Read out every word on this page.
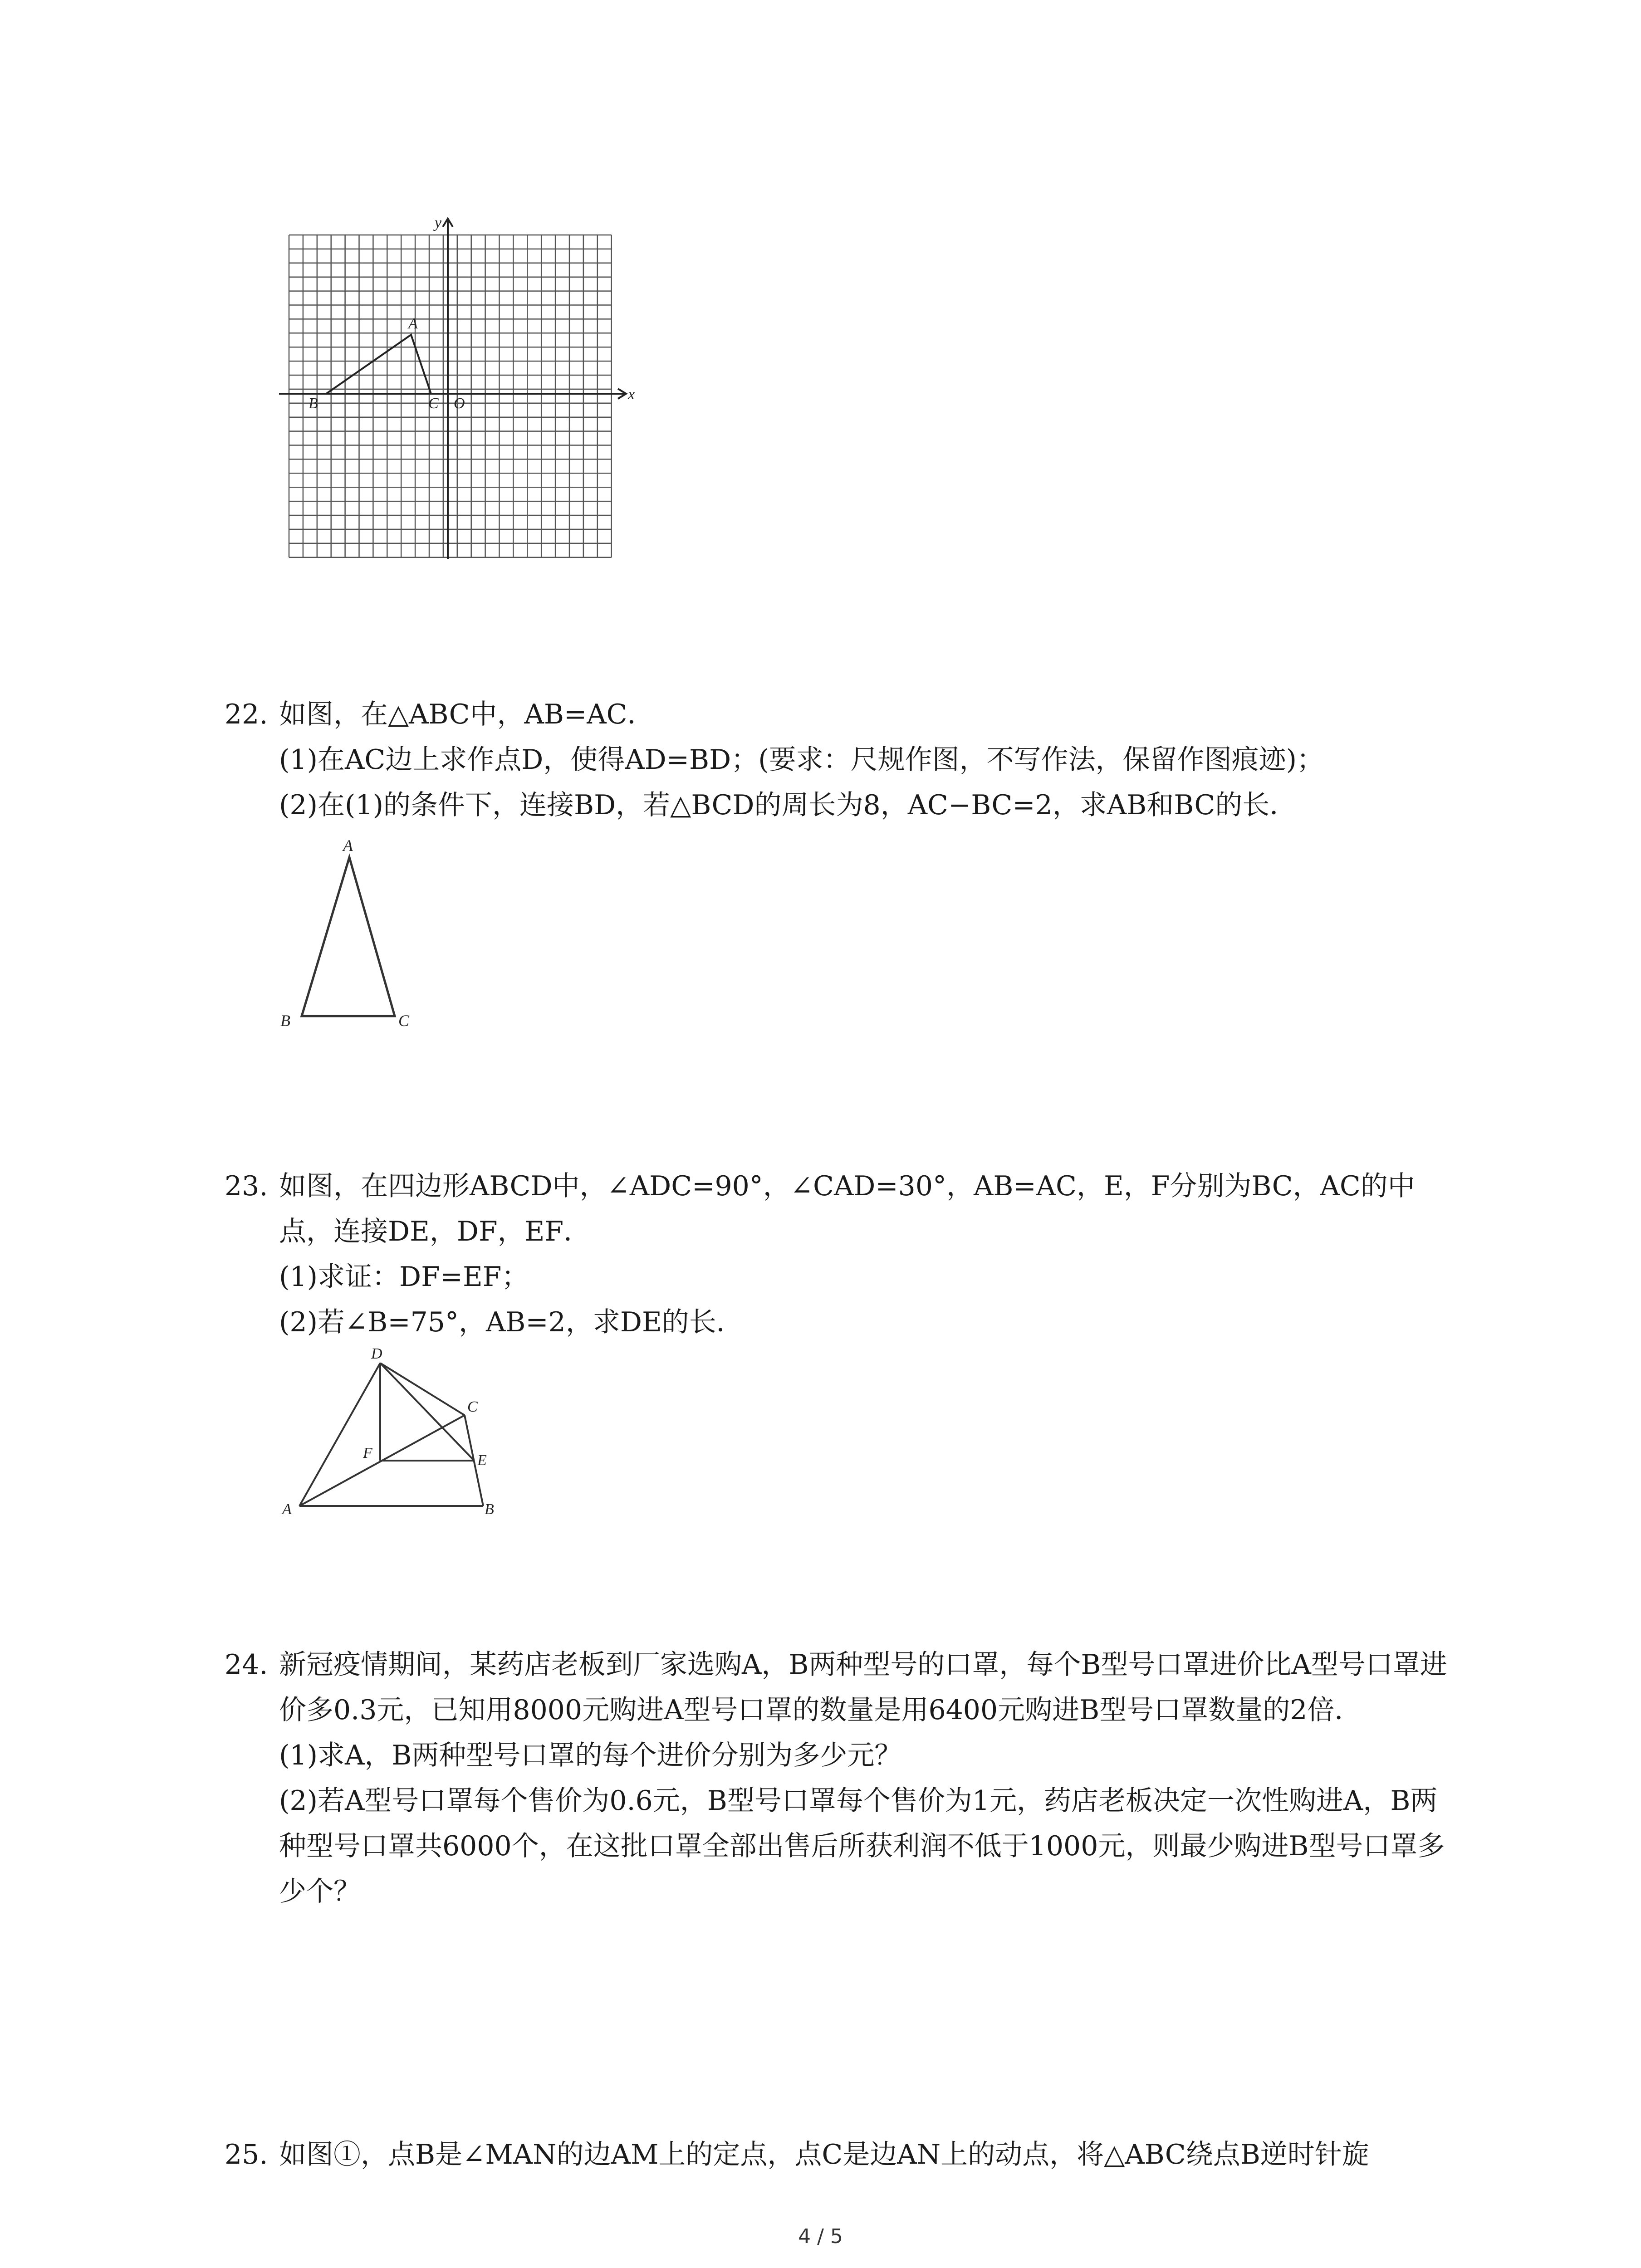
y
x
A
B	C O
22. 如图，在△ABC中，AB=AC．
(1)在AC边上求作点D，使得AD=BD；(要求：尺规作图，不写作法，保留作图痕迹)；
(2)在(1)的条件下，连接BD，若△BCD的周长为8，AC−BC=2，求AB和BC的长．
A
B	C
23. 如图，在四边形ABCD中，∠ADC=90°，∠CAD=30°，AB=AC，E，F分别为BC，AC的中
点，连接DE，DF，EF．
(1)求证：DF=EF；
(2)若∠B=75°，AB=2，求DE的长．
D
C
F	E
A	B
24. 新冠疫情期间，某药店老板到厂家选购A，B两种型号的口罩，每个B型号口罩进价比A型号口罩进价多0.3元，已知用8000元购进A型号口罩的数量是用6400元购进B型号口罩数量的2倍．
(1)求A，B两种型号口罩的每个进价分别为多少元？
(2)若A型号口罩每个售价为0.6元，B型号口罩每个售价为1元，药店老板决定一次性购进A，B两种型号口罩共6000个，在这批口罩全部出售后所获利润不低于1000元，则最少购进B型号口罩多少个？
25. 如图①，点B是∠MAN的边AM上的定点，点C是边AN上的动点，将△ABC绕点B逆时针旋
4 / 5
